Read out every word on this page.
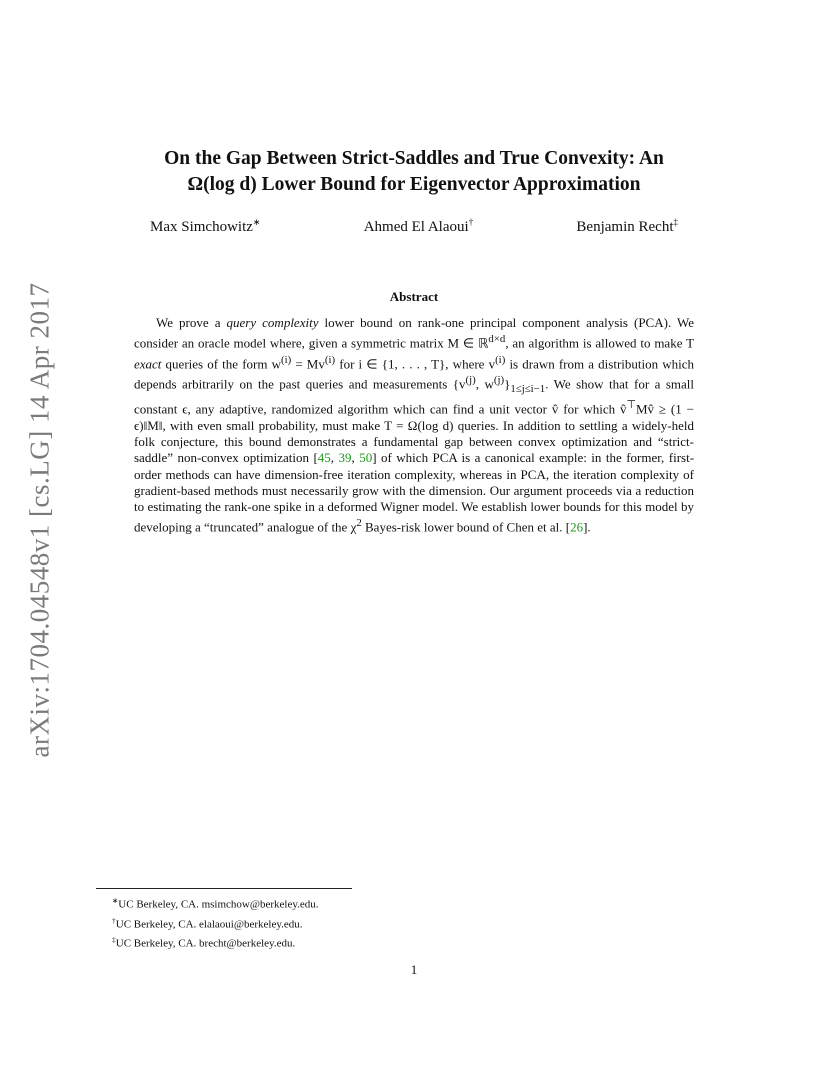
arXiv:1704.04548v1 [cs.LG] 14 Apr 2017
On the Gap Between Strict-Saddles and True Convexity: An
Ω(log d) Lower Bound for Eigenvector Approximation
Max Simchowitz∗	Ahmed El Alaoui†	Benjamin Recht‡
Abstract
We prove a query complexity lower bound on rank-one principal component analysis (PCA). We consider an oracle model where, given a symmetric matrix M ∈ ℝ$^{d\times d}$, an algorithm is allowed to make T exact queries of the form $w^{(i)} = Mv^{(i)}$ for i ∈ {1, . . . , T}, where $v^{(i)}$ is drawn from a distribution which depends arbitrarily on the past queries and measurements {$v^{(j)}$, $w^{(j)}\}_{1\le j\le i-1}$. We show that for a small constant ϵ, any adaptive, randomized algorithm which can find a unit vector v̂ for which v̂⊤Mv̂ ≥ (1 − ϵ)‖M‖, with even small probability, must make T = Ω(log d) queries. In addition to settling a widely-held folk conjecture, this bound demonstrates a fundamental gap between convex optimization and “strict-saddle” non-convex optimization [45, 39, 50] of which PCA is a canonical example: in the former, first-order methods can have dimension-free iteration complexity, whereas in PCA, the iteration complexity of gradient-based methods must necessarily grow with the dimension. Our argument proceeds via a reduction to estimating the rank-one spike in a deformed Wigner model. We establish lower bounds for this model by developing a “truncated” analogue of the $\chi^2$ Bayes-risk lower bound of Chen et al. [26].
∗UC Berkeley, CA. msimchow@berkeley.edu.
†UC Berkeley, CA. elalaoui@berkeley.edu.
‡UC Berkeley, CA. brecht@berkeley.edu.
1
